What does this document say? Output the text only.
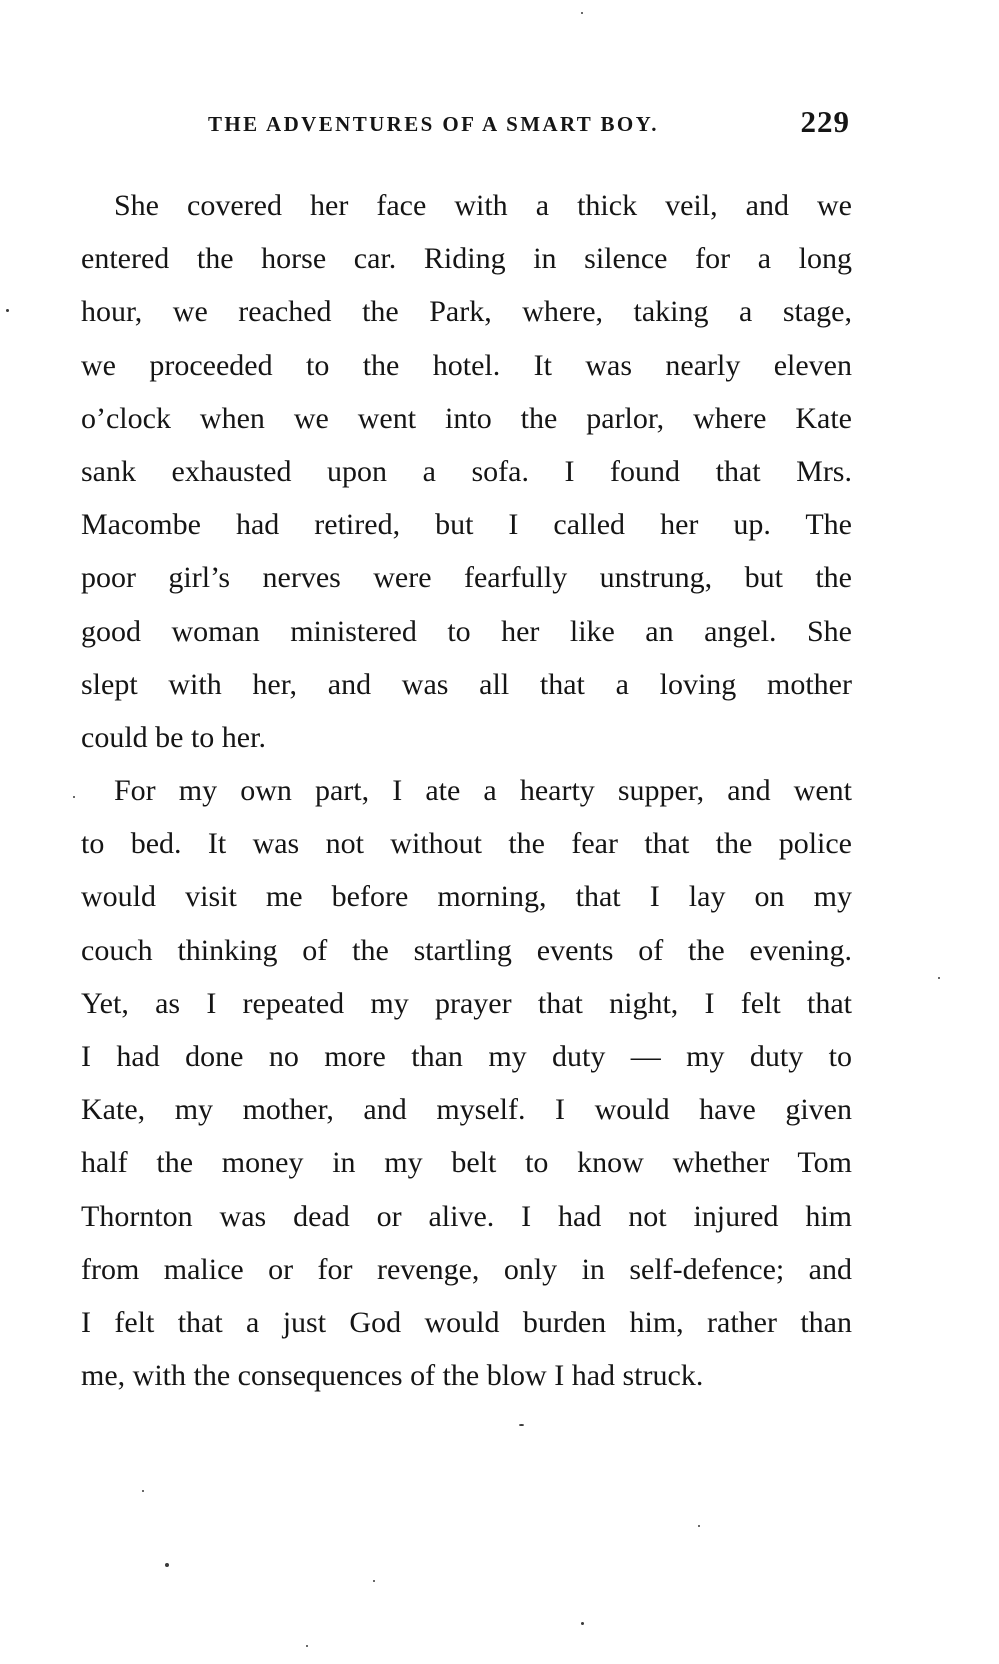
THE ADVENTURES OF A SMART BOY.	229
She covered her face with a thick veil, and we
entered the horse car. Riding in silence for a long
hour, we reached the Park, where, taking a stage,
we proceeded to the hotel. It was nearly eleven
o’clock when we went into the parlor, where Kate
sank exhausted upon a sofa. I found that Mrs.
Macombe had retired, but I called her up. The
poor girl’s nerves were fearfully unstrung, but the
good woman ministered to her like an angel. She
slept with her, and was all that a loving mother
could be to her.
For my own part, I ate a hearty supper, and went
to bed. It was not without the fear that the police
would visit me before morning, that I lay on my
couch thinking of the startling events of the evening.
Yet, as I repeated my prayer that night, I felt that
I had done no more than my duty — my duty to
Kate, my mother, and myself. I would have given
half the money in my belt to know whether Tom
Thornton was dead or alive. I had not injured him
from malice or for revenge, only in self-defence; and
I felt that a just God would burden him, rather than
me, with the consequences of the blow I had struck.
